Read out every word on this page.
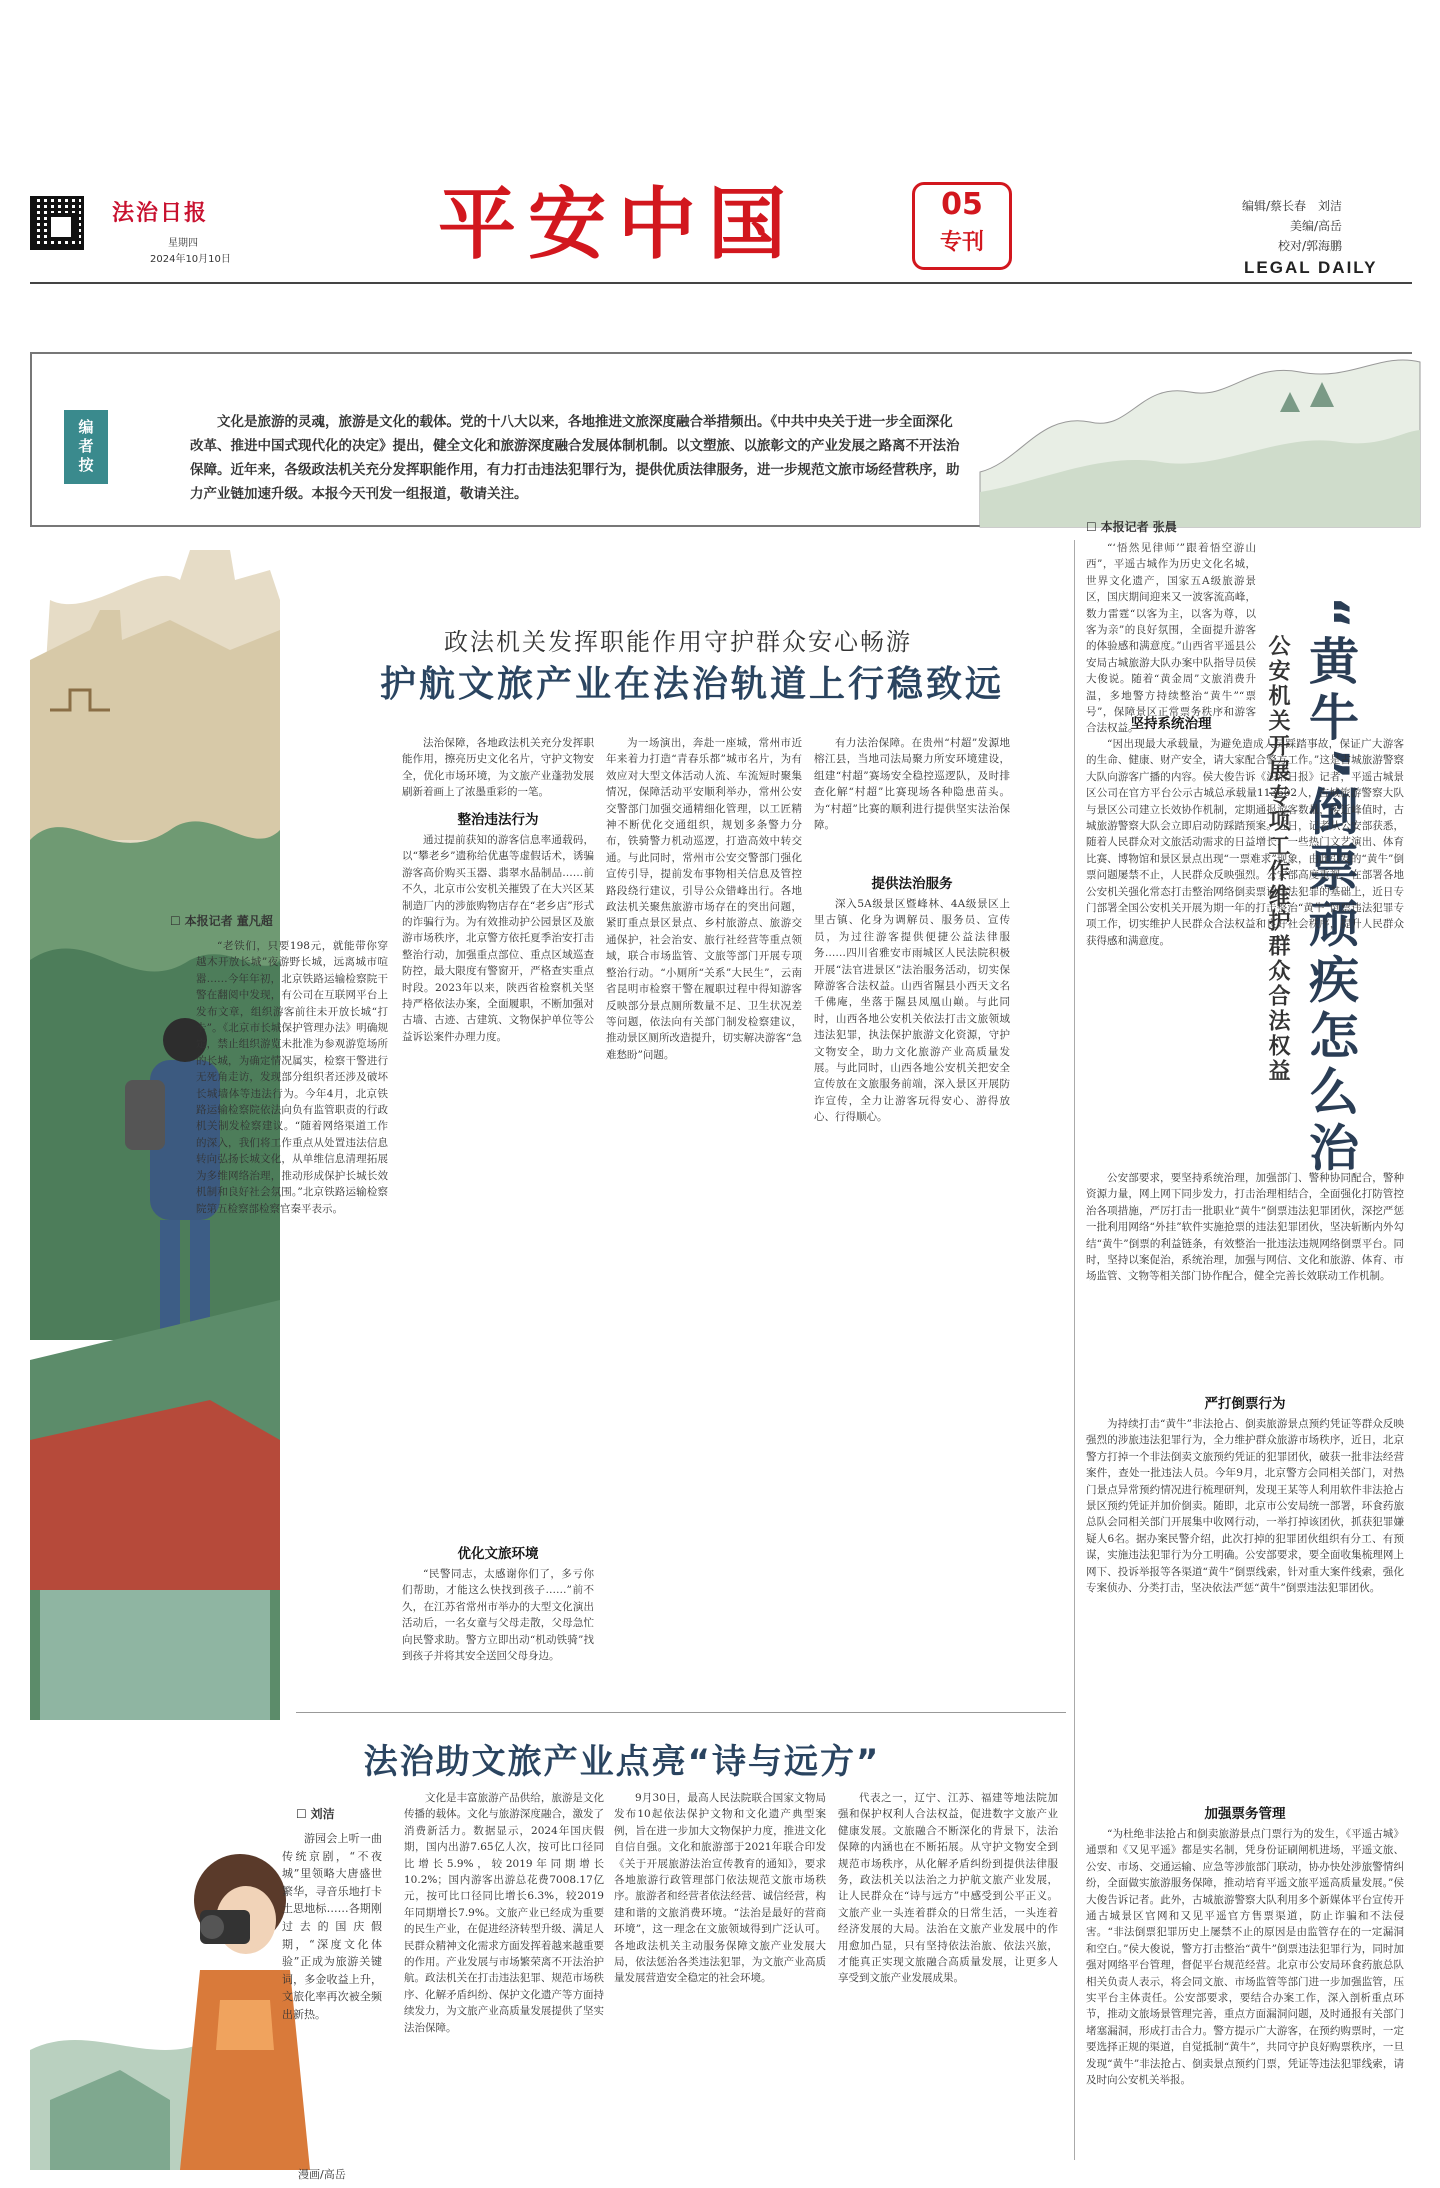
法治日报
星期四
2024年10月10日	平安中国	05
专刊
编辑/蔡长春　刘洁
美编/高岳
校对/郭海鹏
LEGAL DAILY
编者按	文化是旅游的灵魂，旅游是文化的载体。党的十八大以来，各地推进文旅深度融合举措频出。《中共中央关于进一步全面深化改革、推进中国式现代化的决定》提出，健全文化和旅游深度融合发展体制机制。以文塑旅、以旅彰文的产业发展之路离不开法治保障。近年来，各级政法机关充分发挥职能作用，有力打击违法犯罪行为，提供优质法律服务，进一步规范文旅市场经营秩序，助力产业链加速升级。本报今天刊发一组报道，敬请关注。
政法机关发挥职能作用守护群众安心畅游
护航文旅产业在法治轨道上行稳致远
☐ 本报记者 董凡超

“老铁们，只要198元，就能带你穿越木开放长城”夜游野长城，远离城市喧嚣……今年年初，北京铁路运输检察院干警在翻阅中发现，有公司在互联网平台上发布文章，组织游客前往未开放长城“打卡”。《北京市长城保护管理办法》明确规定，禁止组织游览未批准为参观游览场所的长城，为确定情况属实，检察干警进行无死角走访，发现部分组织者还涉及破坏长城墙体等违法行为。今年4月，北京铁路运输检察院依法向负有监管职责的行政机关制发检察建议。“随着网络渠道工作的深入，我们将工作重点从处置违法信息转向弘扬长城文化，从单维信息清理拓展为多维网络治理，推动形成保护长城长效机制和良好社会氛围。”北京铁路运输检察院第五检察部检察官秦平表示。

法治保障，各地政法机关充分发挥职能作用，擦亮历史文化名片，守护文物安全，优化市场环境，为文旅产业蓬勃发展刷新着画上了浓墨重彩的一笔。

整治违法行为

通过提前获知的游客信息率通载码，以“攀老乡”遗称给优惠等虚假话术，诱骗游客高价购买玉器、翡翠水晶制品……前不久，北京市公安机关摧毁了在大兴区某制造厂内的涉旅购物店存在“老乡店”形式的诈骗行为。为有效推动护公园景区及旅游市场秩序，北京警方依托夏季治安打击整治行动，加强重点部位、重点区域巡查防控，最大限度有警窗开，严格查实重点时段。2023年以来，陕西省检察机关坚持严格依法办案，全面履职，不断加强对古墙、古迹、古建筑、文物保护单位等公益诉讼案件办理力度。

优化文旅环境

“民警同志，太感谢你们了，多亏你们帮助，才能这么快找到孩子……”前不久，在江苏省常州市举办的大型文化演出活动后，一名女童与父母走散，父母急忙向民警求助。警方立即出动“机动铁骑”找到孩子并将其安全送回父母身边。

为一场演出，奔赴一座城，常州市近年来着力打造“青春乐都”城市名片，为有效应对大型文体活动人流、车流短时聚集情况，保障活动平安顺利举办，常州公安交警部门加强交通精细化管理，以工匠精神不断优化交通组织，规划多条警力分布，铁骑警力机动巡逻，打造高效中转交通。与此同时，常州市公安交警部门强化宣传引导，提前发布事物相关信息及管控路段绕行建议，引导公众错峰出行。各地政法机关聚焦旅游市场存在的突出问题，紧盯重点景区景点、乡村旅游点、旅游交通保护，社会治安、旅行社经营等重点领域，联合市场监管、文旅等部门开展专项整治行动。“小厕所“关系”大民生”，云南省昆明市检察干警在履职过程中得知游客反映部分景点厕所数量不足、卫生状况差等问题，依法向有关部门制发检察建议，推动景区厕所改造提升，切实解决游客“急难愁盼”问题。

有力法治保障。在贵州“村超”发源地榕江县，当地司法局聚力所安环境建设，组建“村超”赛场安全稳控巡逻队，及时排查化解“村超”比赛现场各种隐患苗头。为“村超”比赛的顺利进行提供坚实法治保障。

提供法治服务

深入5A级景区暨峰林、4A级景区上里古镇、化身为调解员、服务员、宣传员，为过往游客提供便捷公益法律服务……四川省雅安市雨城区人民法院积极开展“法官进景区”法治服务活动，切实保障游客合法权益。山西省隰县小西天文名千佛庵，坐落于隰县凤凰山巅。与此同时，山西各地公安机关依法打击文旅领域违法犯罪，执法保护旅游文化资源，守护文物安全，助力文化旅游产业高质量发展。与此同时，山西各地公安机关把安全宣传放在文旅服务前端，深入景区开展防诈宣传，全力让游客玩得安心、游得放心、行得顺心。

☐ 本报记者 张晨
“黄牛”倒票顽疾怎么治
公安机关开展专项工作维护群众合法权益

“‘悟然见律师’”跟着悟空游山西”，平遥古城作为历史文化名城，世界文化遗产，国家五A级旅游景区，国庆期间迎来又一波客流高峰，数力雷霆“以客为主，以客为尊，以客为亲”的良好氛围，全面提升游客的体验感和满意度。”山西省平遥县公安局古城旅游大队办案中队指导员侯大俊说。随着“黄金周”文旅消费升温，多地警方持续整治“黄牛”“票号”，保障景区正常票务秩序和游客合法权益。

坚持系统治理

“因出现最大承载量，为避免造成人员踩踏事故，保证广大游客的生命、健康、财产安全，请大家配合警方工作。”这是古城旅游警察大队向游客广播的内容。侯大俊告诉《法治日报》记者，平遥古城景区公司在官方平台公示古城总承载量113602人，古城旅游警察大队与景区公司建立长效协作机制，定期通报游客数量，接近峰值时，古城旅游警察大队会立即启动防踩踏预案。近日，记者从公安部获悉，随着人民群众对文旅活动需求的日益增长，一些热门文艺演出、体育比赛、博物馆和景区景点出现“一票难求”现象，由此引发的“黄牛”倒票问题屡禁不止，人民群众反映强烈。公安部高度重视，在部署各地公安机关强化常态打击整治网络倒卖票证违法犯罪的基础上，近日专门部署全国公安机关开展为期一年的打击整治“黄牛”倒票违法犯罪专项工作，切实维护人民群众合法权益和良好社会秩序，提升人民群众获得感和满意度。

公安部要求，要坚持系统治理，加强部门、警种协同配合，警种资源力量，网上网下同步发力，打击治理相结合，全面强化打防管控治各项措施，严厉打击一批职业“黄牛”倒票违法犯罪团伙，深挖严惩一批利用网络“外挂”软件实施抢票的违法犯罪团伙，坚决斩断内外勾结“黄牛”倒票的利益链条，有效整治一批违法违规网络倒票平台。同时，坚持以案促治，系统治理，加强与网信、文化和旅游、体育、市场监管、文物等相关部门协作配合，健全完善长效联动工作机制。

严打倒票行为

为持续打击“黄牛”非法抢占、倒卖旅游景点预约凭证等群众反映强烈的涉旅违法犯罪行为，全力维护群众旅游市场秩序，近日，北京警方打掉一个非法倒卖文旅预约凭证的犯罪团伙，破获一批非法经营案件，查处一批违法人员。今年9月，北京警方会同相关部门，对热门景点异常预约情况进行梳理研判，发现王某等人利用软件非法抢占景区预约凭证并加价倒卖。随即，北京市公安局统一部署，环食药旅总队会同相关部门开展集中收网行动，一举打掉该团伙，抓获犯罪嫌疑人6名。据办案民警介绍，此次打掉的犯罪团伙组织有分工、有预谋，实施违法犯罪行为分工明确。公安部要求，要全面收集梳理网上网下、投诉举报等各渠道“黄牛”倒票线索，针对重大案件线索，强化专案侦办、分类打击，坚决依法严惩“黄牛”倒票违法犯罪团伙。

加强票务管理

“为杜绝非法抢占和倒卖旅游景点门票行为的发生，《平遥古城》通票和《又见平遥》都是实名制，凭身份证刷闸机进场，平遥文旅、公安、市场、交通运输、应急等涉旅部门联动，协办快处涉旅警情纠纷，全面做实旅游服务保障，推动培育平遥文旅平遥高质量发展。”侯大俊告诉记者。此外，古城旅游警察大队利用多个新媒体平台宣传开通古城景区官网和又见平遥官方售票渠道，防止诈骗和不法侵害。“非法倒票犯罪历史上屡禁不止的原因是由监管存在的一定漏洞和空白。”侯大俊说，警方打击整治“黄牛”倒票违法犯罪行为，同时加强对网络平台管理，督促平台规范经营。北京市公安局环食药旅总队相关负责人表示，将会同文旅、市场监管等部门进一步加强监管，压实平台主体责任。公安部要求，要结合办案工作，深入剖析重点环节，推动文旅场景管理完善，重点方面漏洞问题，及时通报有关部门堵塞漏洞，形成打击合力。警方提示广大游客，在预约购票时，一定要选择正规的渠道，自觉抵制“黄牛”，共同守护良好购票秩序，一旦发现“黄牛”非法抢占、倒卖景点预约门票，凭证等违法犯罪线索，请及时向公安机关举报。

法治助文旅产业点亮“诗与远方”
☐ 刘洁

游园会上听一曲传统京剧，“不夜城”里领略大唐盛世繁华，寻音乐地打卡土思地标……各期刚过去的国庆假期，“深度文化体验”正成为旅游关键词，多金收益上升，文旅化率再次被全频出新热。

文化是丰富旅游产品供给，旅游是文化传播的载体。文化与旅游深度融合，激发了消费新活力。数据显示，2024年国庆假期，国内出游7.65亿人次，按可比口径同比增长5.9%，较2019年同期增长10.2%；国内游客出游总花费7008.17亿元，按可比口径同比增长6.3%，较2019年同期增长7.9%。文旅产业已经成为重要的民生产业，在促进经济转型升级、满足人民群众精神文化需求方面发挥着越来越重要的作用。产业发展与市场繁荣离不开法治护航。政法机关在打击违法犯罪、规范市场秩序、化解矛盾纠纷、保护文化遗产等方面持续发力，为文旅产业高质量发展提供了坚实法治保障。

9月30日，最高人民法院联合国家文物局发布10起依法保护文物和文化遗产典型案例，旨在进一步加大文物保护力度，推进文化自信自强。文化和旅游部于2021年联合印发《关于开展旅游法治宣传教育的通知》，要求各地旅游行政管理部门依法规范文旅市场秩序。旅游者和经营者依法经营、诚信经营，构建和谐的文旅消费环境。“法治是最好的营商环境”，这一理念在文旅领域得到广泛认可。各地政法机关主动服务保障文旅产业发展大局，依法惩治各类违法犯罪，为文旅产业高质量发展营造安全稳定的社会环境。

代表之一，辽宁、江苏、福建等地法院加强和保护权利人合法权益，促进数字文旅产业健康发展。文旅融合不断深化的背景下，法治保障的内涵也在不断拓展。从守护文物安全到规范市场秩序，从化解矛盾纠纷到提供法律服务，政法机关以法治之力护航文旅产业发展，让人民群众在“诗与远方”中感受到公平正义。文旅产业一头连着群众的日常生活，一头连着经济发展的大局。法治在文旅产业发展中的作用愈加凸显，只有坚持依法治旅、依法兴旅，才能真正实现文旅融合高质量发展，让更多人享受到文旅产业发展成果。

漫画/高岳
